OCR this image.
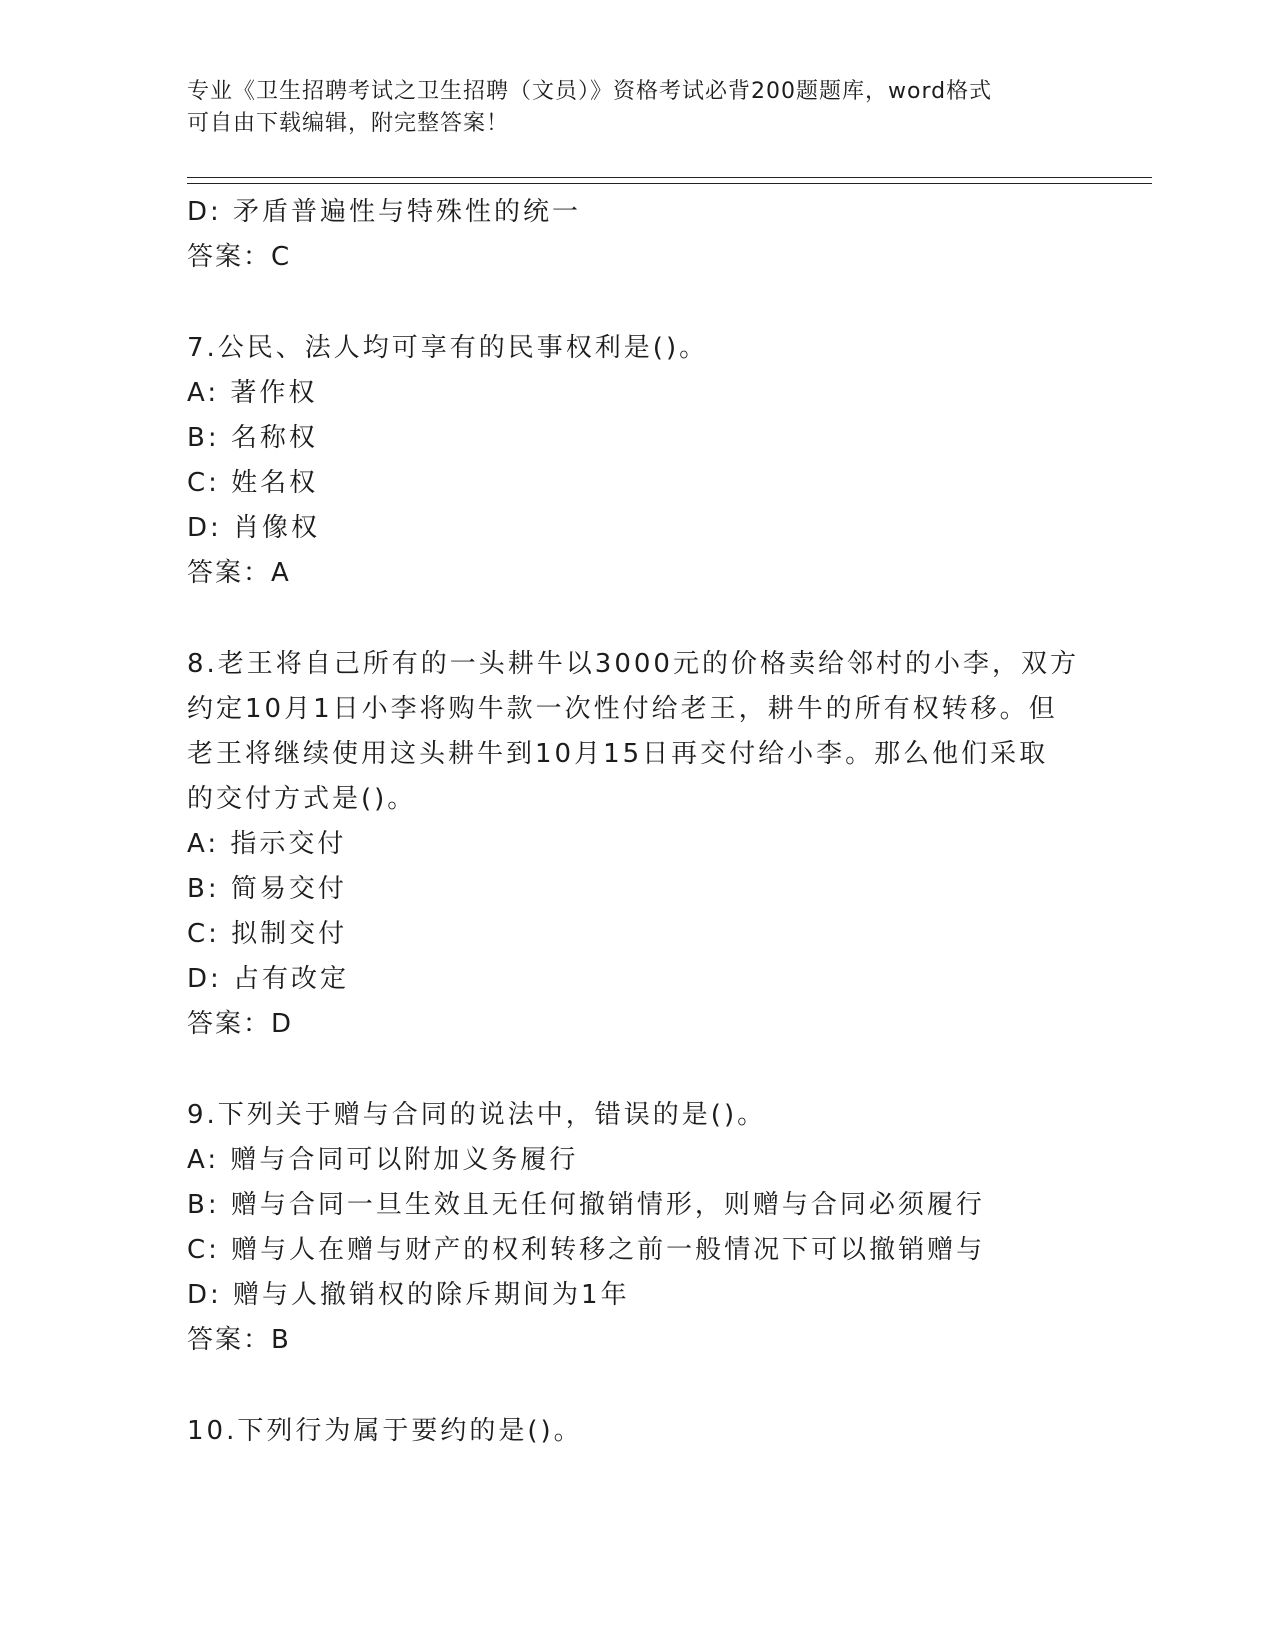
专业《卫生招聘考试之卫生招聘（文员）》资格考试必背200题题库，word格式
可自由下载编辑，附完整答案！
D: 矛盾普遍性与特殊性的统一
答案：C
7.公民、法人均可享有的民事权利是()。
A: 著作权
B: 名称权
C: 姓名权
D: 肖像权
答案：A
8.老王将自己所有的一头耕牛以3000元的价格卖给邻村的小李，双方
约定10月1日小李将购牛款一次性付给老王，耕牛的所有权转移。但
老王将继续使用这头耕牛到10月15日再交付给小李。那么他们采取
的交付方式是()。
A: 指示交付
B: 简易交付
C: 拟制交付
D: 占有改定
答案：D
9.下列关于赠与合同的说法中，错误的是()。
A: 赠与合同可以附加义务履行
B: 赠与合同一旦生效且无任何撤销情形，则赠与合同必须履行
C: 赠与人在赠与财产的权利转移之前一般情况下可以撤销赠与
D: 赠与人撤销权的除斥期间为1年
答案：B
10.下列行为属于要约的是()。
